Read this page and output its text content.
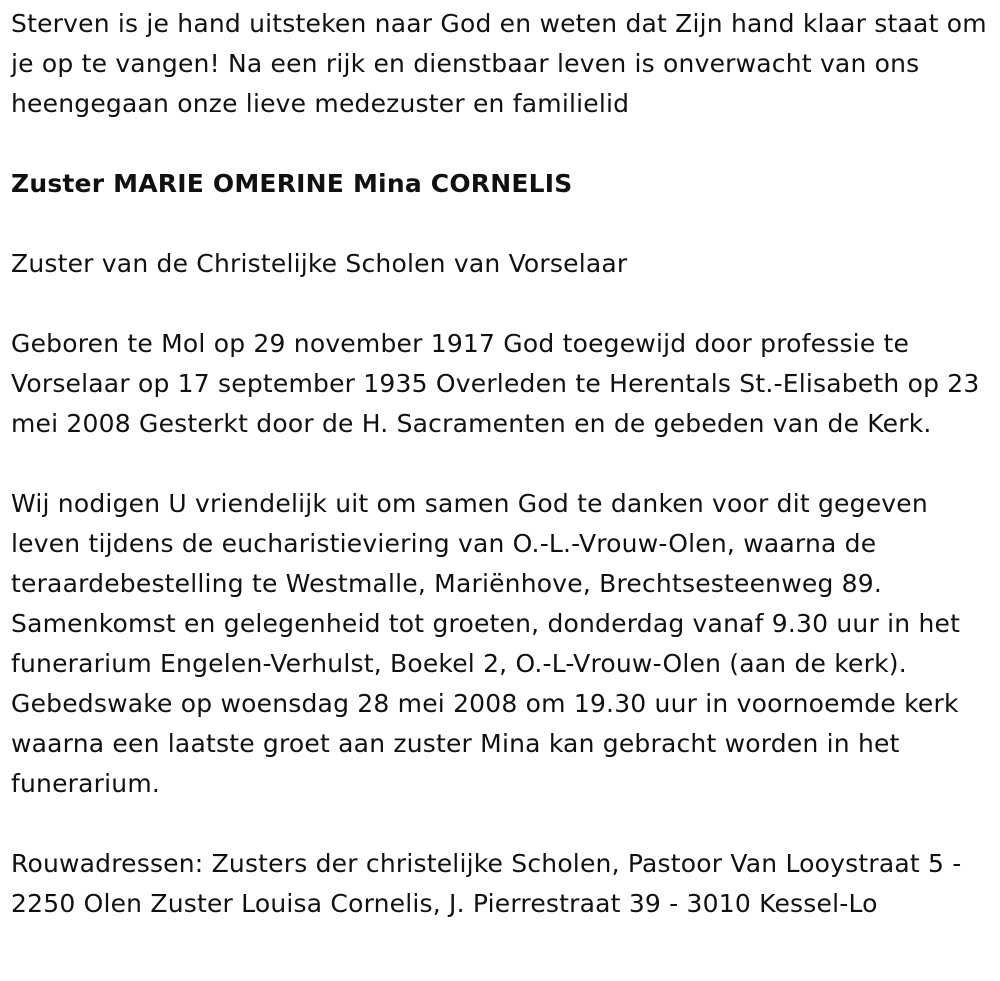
Sterven is je hand uitsteken naar God en weten dat Zijn hand klaar staat om je op te vangen! Na een rijk en dienstbaar leven is onverwacht van ons heengegaan onze lieve medezuster en familielid

Zuster MARIE OMERINE Mina CORNELIS

Zuster van de Christelijke Scholen van Vorselaar

Geboren te Mol op 29 november 1917 God toegewijd door professie te Vorselaar op 17 september 1935 Overleden te Herentals St.-Elisabeth op 23 mei 2008 Gesterkt door de H. Sacramenten en de gebeden van de Kerk.

Wij nodigen U vriendelijk uit om samen God te danken voor dit gegeven leven tijdens de eucharistieviering van O.-L.-Vrouw-Olen, waarna de teraardebestelling te Westmalle, Mariënhove, Brechtsesteenweg 89. Samenkomst en gelegenheid tot groeten, donderdag vanaf 9.30 uur in het funerarium Engelen-Verhulst, Boekel 2, O.-L-Vrouw-Olen (aan de kerk). Gebedswake op woensdag 28 mei 2008 om 19.30 uur in voornoemde kerk waarna een laatste groet aan zuster Mina kan gebracht worden in het funerarium.

Rouwadressen: Zusters der christelijke Scholen, Pastoor Van Looystraat 5 - 2250 Olen Zuster Louisa Cornelis, J. Pierrestraat 39 - 3010 Kessel-Lo
